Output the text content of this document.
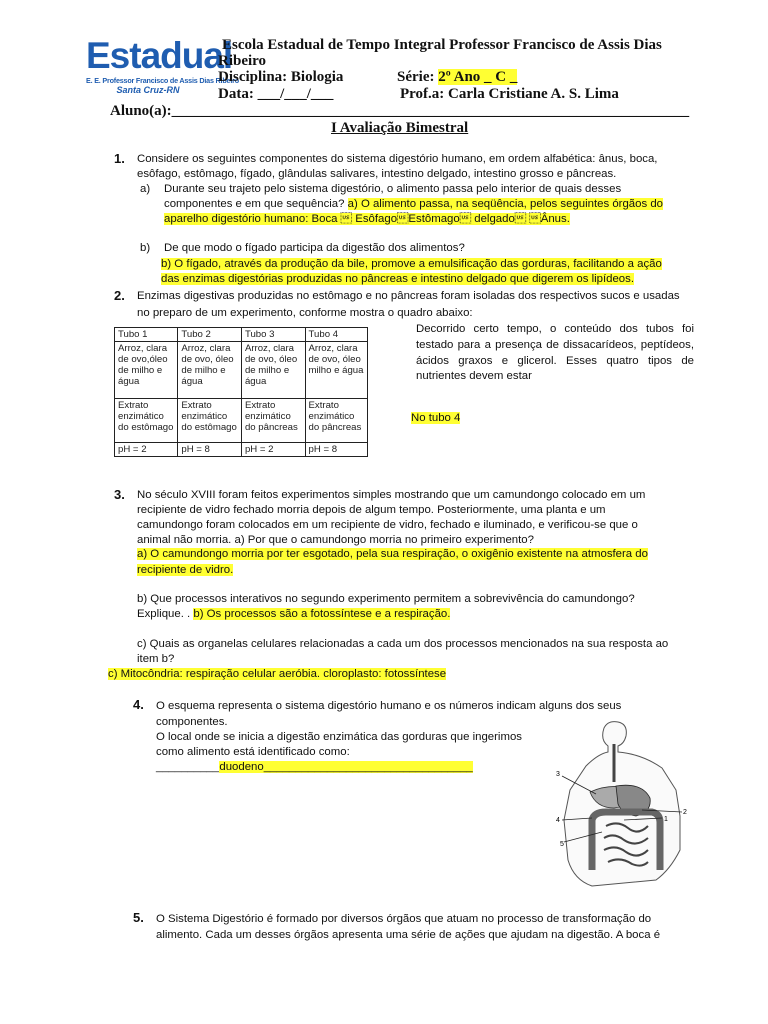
Estadual
E. E. Professor Francisco de Assis Dias Ribeiro
Santa Cruz-RN
Escola Estadual de Tempo Integral Professor Francisco de Assis Dias
Ribeiro
Disciplina: Biologia	Série: 2º Ano _ C _
Data: ___/___/___	Prof.a: Carla Cristiane A. S. Lima
Aluno(a):_____________________________________________________________________
I Avaliação Bimestral
1. Considere os seguintes componentes do sistema digestório humano, em ordem alfabética: ânus, boca,
esôfago, estômago, fígado, glândulas salivares, intestino delgado, intestino grosso e pâncreas.
a) Durante seu trajeto pelo sistema digestório, o alimento passa pelo interior de quais desses
componentes e em que sequência? a) O alimento passa, na seqüência, pelos seguintes órgãos do
aparelho digestório humano: Boca  EsôfagoEstômago delgado Ânus.
b) De que modo o fígado participa da digestão dos alimentos?
b) O fígado, através da produção da bile, promove a emulsificação das gorduras, facilitando a ação
das enzimas digestórias produzidas no pâncreas e intestino delgado que digerem os lipídeos.
2. Enzimas digestivas produzidas no estômago e no pâncreas foram isoladas dos respectivos sucos e usadas
no preparo de um experimento, conforme mostra o quadro abaixo:
Tubo 1	Tubo 2	Tubo 3	Tubo 4
Arroz, clara de ovo,óleo de milho e água	Arroz, clara de ovo, óleo de milho e água	Arroz, clara de ovo, óleo de milho e água	Arroz, clara de ovo, óleo milho e água
Extrato enzimático do estômago	Extrato enzimático do estômago	Extrato enzimático do pâncreas	Extrato enzimático do pâncreas
pH = 2	pH = 8	pH = 2	pH = 8
Decorrido certo tempo, o conteúdo dos tubos foi
testado para a presença de dissacarídeos, peptídeos,
ácidos graxos e glicerol. Esses quatro tipos de
nutrientes devem estar
No tubo 4
3. No século XVIII foram feitos experimentos simples mostrando que um camundongo colocado em um
recipiente de vidro fechado morria depois de algum tempo. Posteriormente, uma planta e um
camundongo foram colocados em um recipiente de vidro, fechado e iluminado, e verificou-se que o
animal não morria. a) Por que o camundongo morria no primeiro experimento?
a) O camundongo morria por ter esgotado, pela sua respiração, o oxigênio existente na atmosfera do
recipiente de vidro.
b) Que processos interativos no segundo experimento permitem a sobrevivência do camundongo?
Explique. . b) Os processos são a fotossíntese e a respiração.
c) Quais as organelas celulares relacionadas a cada um dos processos mencionados na sua resposta ao
item b?
c) Mitocôndria: respiração celular aeróbia. cloroplasto: fotossíntese
4. O esquema representa o sistema digestório humano e os números indicam alguns dos seus
componentes.
O local onde se inicia a digestão enzimática das gorduras que ingerimos
como alimento está identificado como:
__________duodeno_________________________________
3
4
5
1
2
5. O Sistema Digestório é formado por diversos órgãos que atuam no processo de transformação do
alimento. Cada um desses órgãos apresenta uma série de ações que ajudam na digestão. A boca é
